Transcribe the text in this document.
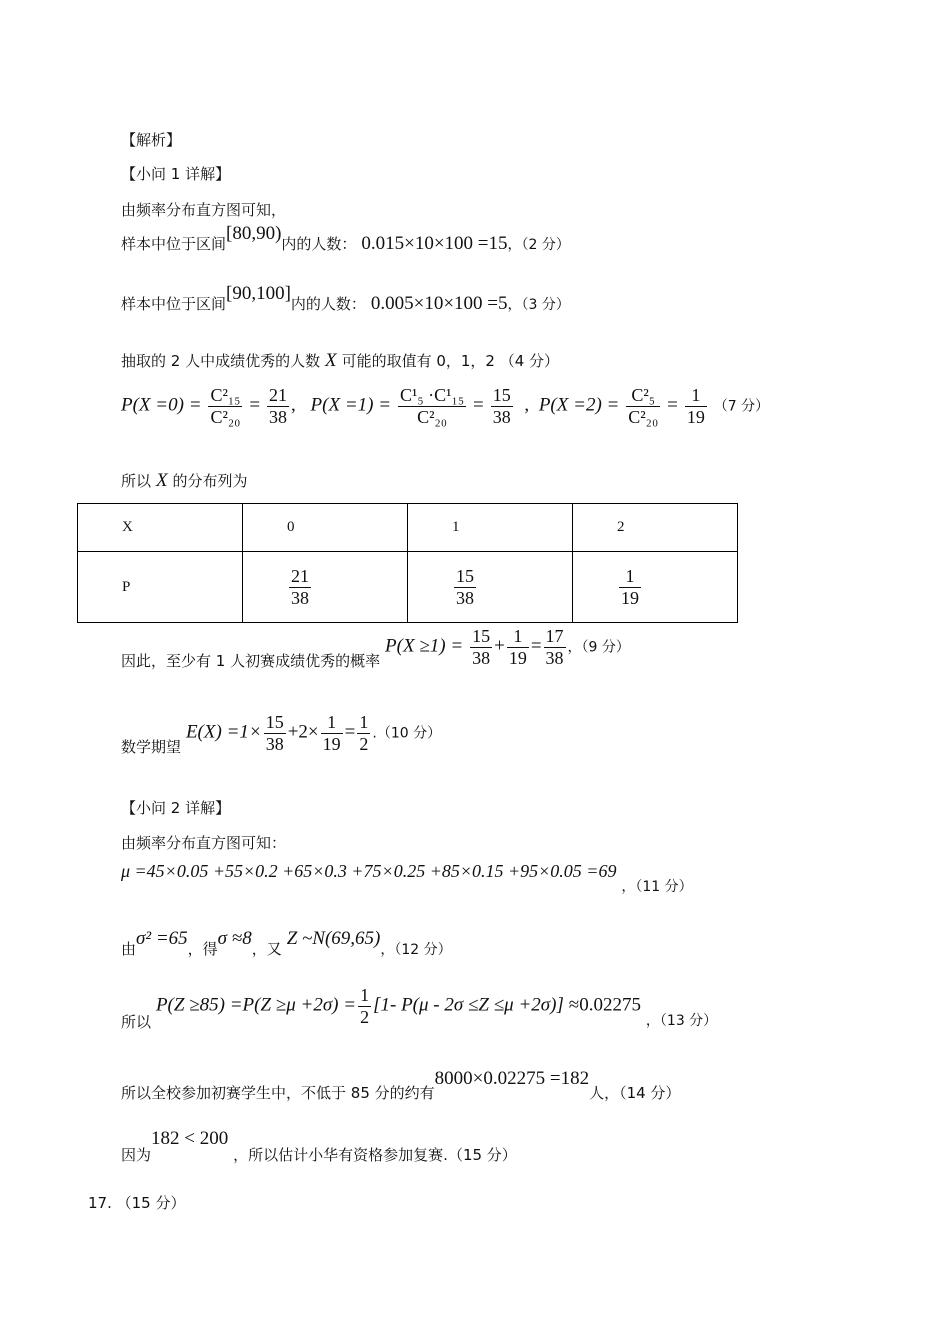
【解析】
【小问 1 详解】
由频率分布直方图可知，
样本中位于区间[80,90)内的人数： 0.015×10×100 =15，（2 分）
样本中位于区间[90,100]内的人数： 0.005×10×100 =5，（3 分）
抽取的 2 人中成绩优秀的人数 X 可能的取值有 0，1，2 （4 分）
$P(X =0) = \frac{\text{C²₁₅}}{\text{C²₂₀}} = \frac{21}{38}$ , $P(X =1) = \frac{\text{C¹₅ ·C¹₁₅}}{\text{C²₂₀}} = \frac{15}{38}$ ,  $P(X =2) = \frac{\text{C²₅}}{\text{C²₂₀}} = \frac{1}{19} (7$ 分）
所以 X 的分布列为
X	0	1	2

P	$\frac{21}{38}$	$\frac{15}{38}$	$\frac{1}{19}$
因此，至少有 1 人初赛成绩优秀的概率 $P(X \ge 1) = \frac{15}{38} + \frac{1}{19} = \frac{17}{38}$ ，（9 分）
数学期望 $E(X) =1\times \frac{15}{38} +2\times \frac{1}{19} = \frac{1}{2} .(10$ 分）
【小问 2 详解】
由频率分布直方图可知：
μ =45×0.05 +55×0.2 +65×0.3 +75×0.25 +85×0.15 +95×0.05 =69 ，（11 分）
由σ² =65，得σ ≈8，又 Z ~N(69,65)，（12 分）
所以 $P(Z \ge 85) =P(Z \ge\mu +2\sigma) = \frac{1}{2} [1-$ P(μ - 2σ ≤Z ≤μ +2σ)] ≈0.02275 ，（13 分）
所以全校参加初赛学生中，不低于 85 分的约有8000×0.02275 =182人，（14 分）
因为182 < 200 ，所以估计小华有资格参加复赛.（15 分）
17. （15 分）
